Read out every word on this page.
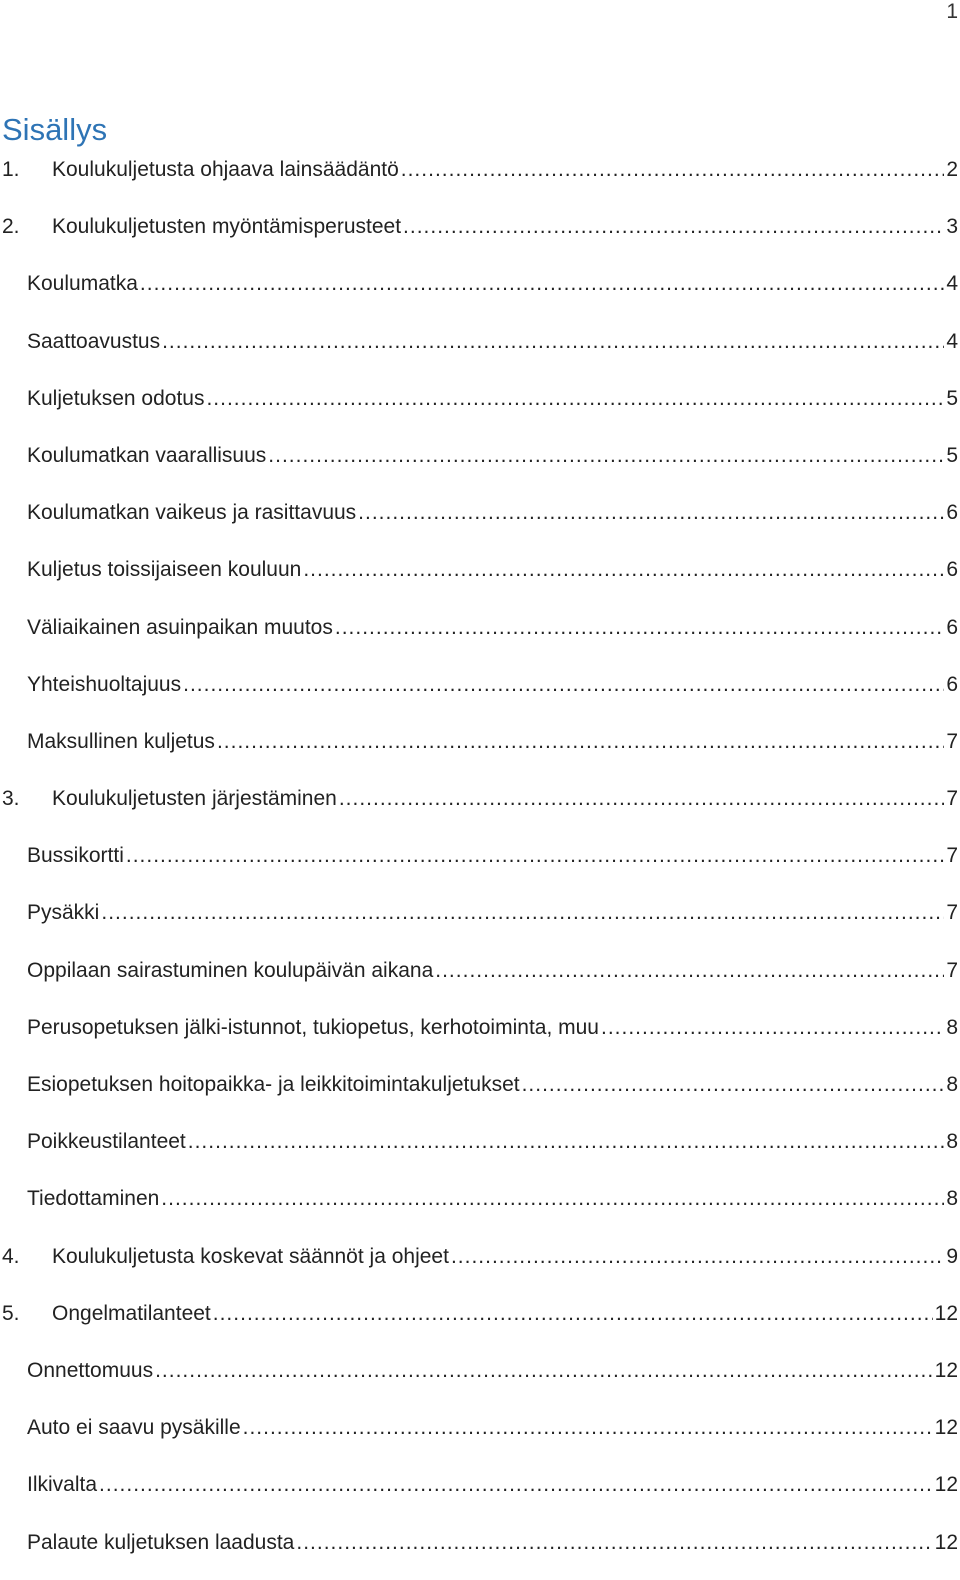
1
Sisällys
1.	Koulukuljetusta ohjaava lainsäädäntö .....	2
2.	Koulukuljetusten myöntämisperusteet .....	3
Koulumatka .....	4
Saattoavustus .....	4
Kuljetuksen odotus .....	5
Koulumatkan vaarallisuus .....	5
Koulumatkan vaikeus ja rasittavuus .....	6
Kuljetus toissijaiseen kouluun .....	6
Väliaikainen asuinpaikan muutos .....	6
Yhteishuoltajuus .....	6
Maksullinen kuljetus .....	7
3.	Koulukuljetusten järjestäminen .....	7
Bussikortti .....	7
Pysäkki .....	7
Oppilaan sairastuminen koulupäivän aikana .....	7
Perusopetuksen jälki-istunnot, tukiopetus, kerhotoiminta, muu .....	8
Esiopetuksen hoitopaikka- ja leikkitoimintakuljetukset .....	8
Poikkeustilanteet .....	8
Tiedottaminen .....	8
4.	Koulukuljetusta koskevat säännöt ja ohjeet .....	9
5.	Ongelmatilanteet .....	12
Onnettomuus .....	12
Auto ei saavu pysäkille .....	12
Ilkivalta .....	12
Palaute kuljetuksen laadusta .....	12
